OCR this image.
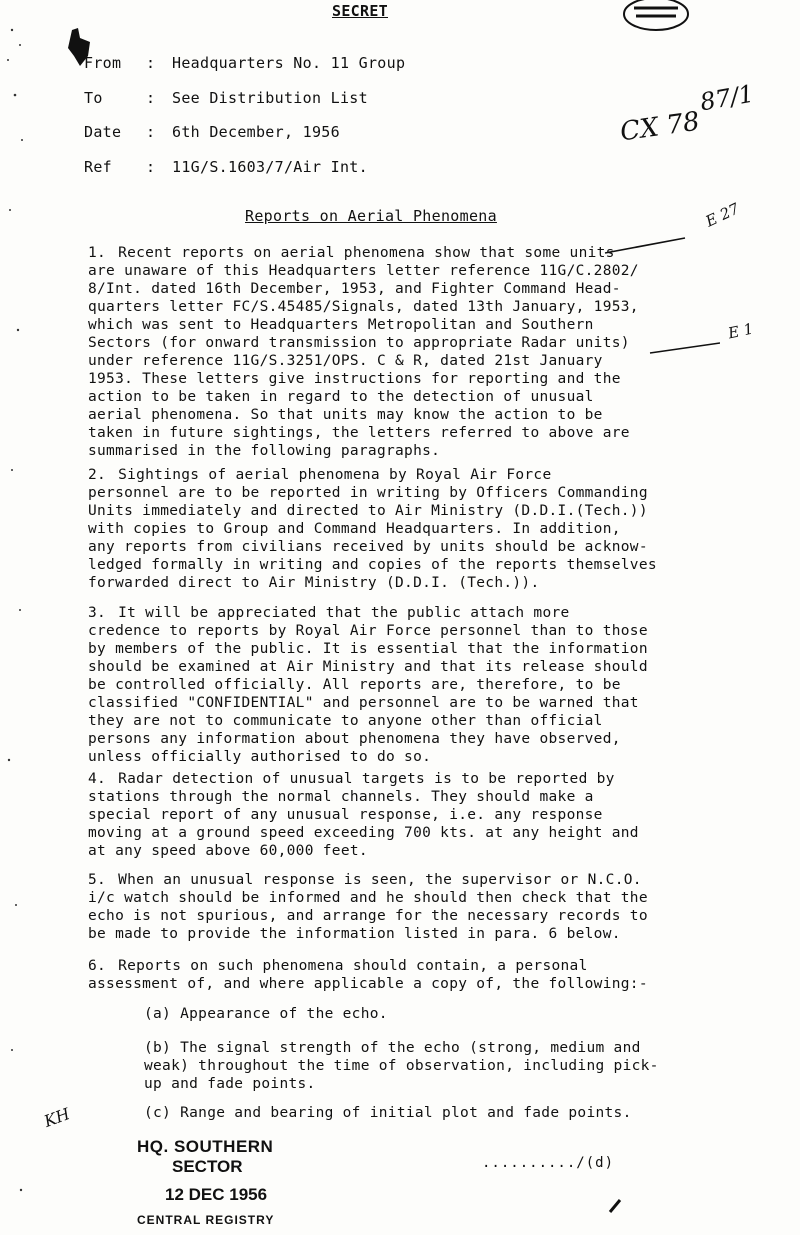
SECRET
From	:	Headquarters No. 11 Group
To	:	See Distribution List
Date	:	6th December, 1956
Ref	:	11G/S.1603/7/Air Int.
CX 78
87/1
E 27
E 1
KH
Reports on Aerial Phenomena
1. Recent reports on aerial phenomena show that some units
are unaware of this Headquarters letter reference 11G/C.2802/
8/Int. dated 16th December, 1953, and Fighter Command Head-
quarters letter FC/S.45485/Signals, dated 13th January, 1953,
which was sent to Headquarters Metropolitan and Southern
Sectors (for onward transmission to appropriate Radar units)
under reference 11G/S.3251/OPS. C & R, dated 21st January
1953. These letters give instructions for reporting and the
action to be taken in regard to the detection of unusual
aerial phenomena. So that units may know the action to be
taken in future sightings, the letters referred to above are
summarised in the following paragraphs.
2. Sightings of aerial phenomena by Royal Air Force
personnel are to be reported in writing by Officers Commanding
Units immediately and directed to Air Ministry (D.D.I.(Tech.))
with copies to Group and Command Headquarters. In addition,
any reports from civilians received by units should be acknow-
ledged formally in writing and copies of the reports themselves
forwarded direct to Air Ministry (D.D.I. (Tech.)).
3. It will be appreciated that the public attach more
credence to reports by Royal Air Force personnel than to those
by members of the public. It is essential that the information
should be examined at Air Ministry and that its release should
be controlled officially. All reports are, therefore, to be
classified "CONFIDENTIAL" and personnel are to be warned that
they are not to communicate to anyone other than official
persons any information about phenomena they have observed,
unless officially authorised to do so.
4. Radar detection of unusual targets is to be reported by
stations through the normal channels. They should make a
special report of any unusual response, i.e. any response
moving at a ground speed exceeding 700 kts. at any height and
at any speed above 60,000 feet.
5. When an unusual response is seen, the supervisor or N.C.O.
i/c watch should be informed and he should then check that the
echo is not spurious, and arrange for the necessary records to
be made to provide the information listed in para. 6 below.
6. Reports on such phenomena should contain, a personal
assessment of, and where applicable a copy of, the following:-
(a) Appearance of the echo.
(b) The signal strength of the echo (strong, medium and
weak) throughout the time of observation, including pick-
up and fade points.
(c) Range and bearing of initial plot and fade points.
........../(d)
HQ. SOUTHERN
SECTOR
12 DEC 1956
CENTRAL REGISTRY
